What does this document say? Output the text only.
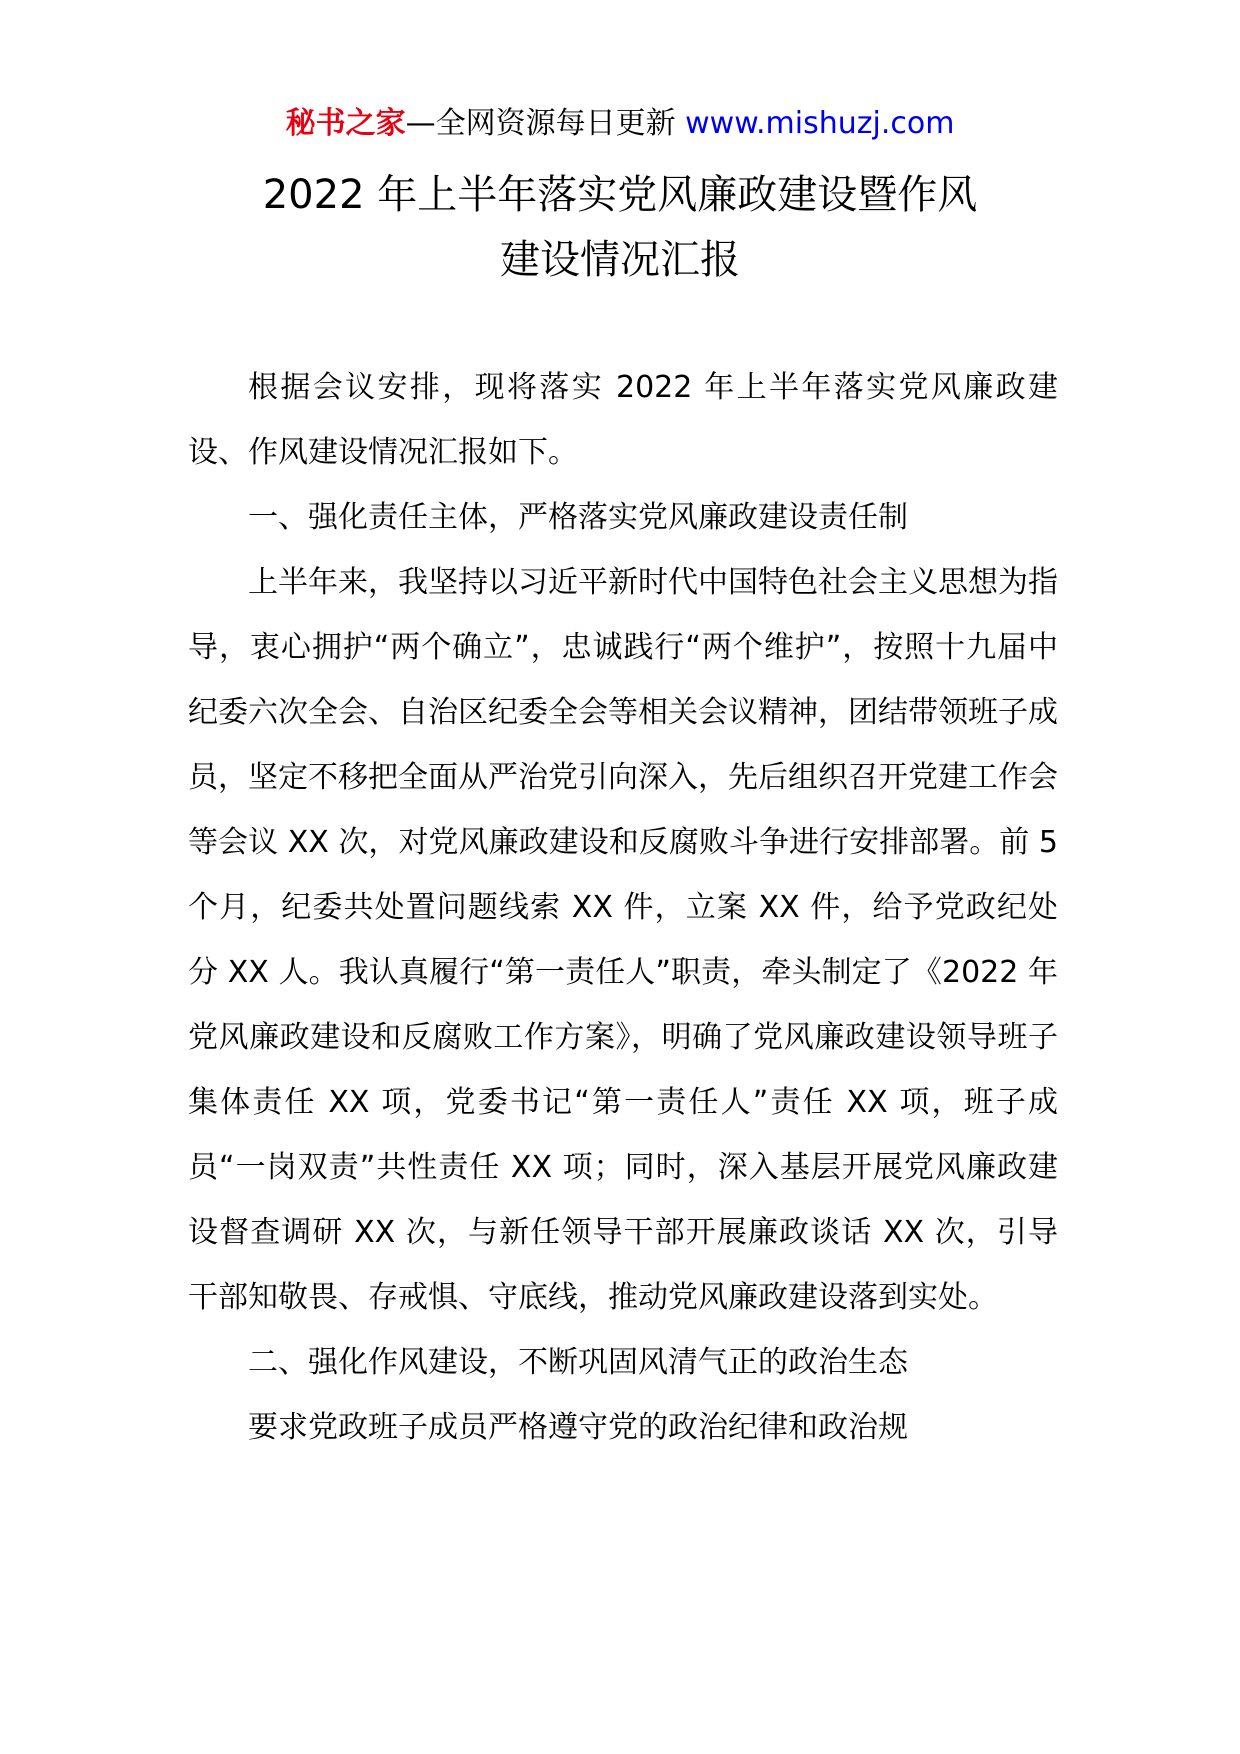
秘书之家—全网资源每日更新 www.mishuzj.com
2022 年上半年落实党风廉政建设暨作风
建设情况汇报

根据会议安排，现将落实 2022 年上半年落实党风廉政建设、作风建设情况汇报如下。

一、强化责任主体，严格落实党风廉政建设责任制

上半年来，我坚持以习近平新时代中国特色社会主义思想为指导，衷心拥护“两个确立”，忠诚践行“两个维护”，按照十九届中纪委六次全会、自治区纪委全会等相关会议精神，团结带领班子成员，坚定不移把全面从严治党引向深入，先后组织召开党建工作会等会议 XX 次，对党风廉政建设和反腐败斗争进行安排部署。前 5 个月，纪委共处置问题线索 XX 件，立案 XX 件，给予党政纪处分 XX 人。我认真履行“第一责任人”职责，牵头制定了《2022 年党风廉政建设和反腐败工作方案》，明确了党风廉政建设领导班子集体责任 XX 项，党委书记“第一责任人”责任 XX 项，班子成员“一岗双责”共性责任 XX 项；同时，深入基层开展党风廉政建设督查调研 XX 次，与新任领导干部开展廉政谈话 XX 次，引导干部知敬畏、存戒惧、守底线，推动党风廉政建设落到实处。

二、强化作风建设，不断巩固风清气正的政治生态

要求党政班子成员严格遵守党的政治纪律和政治规
